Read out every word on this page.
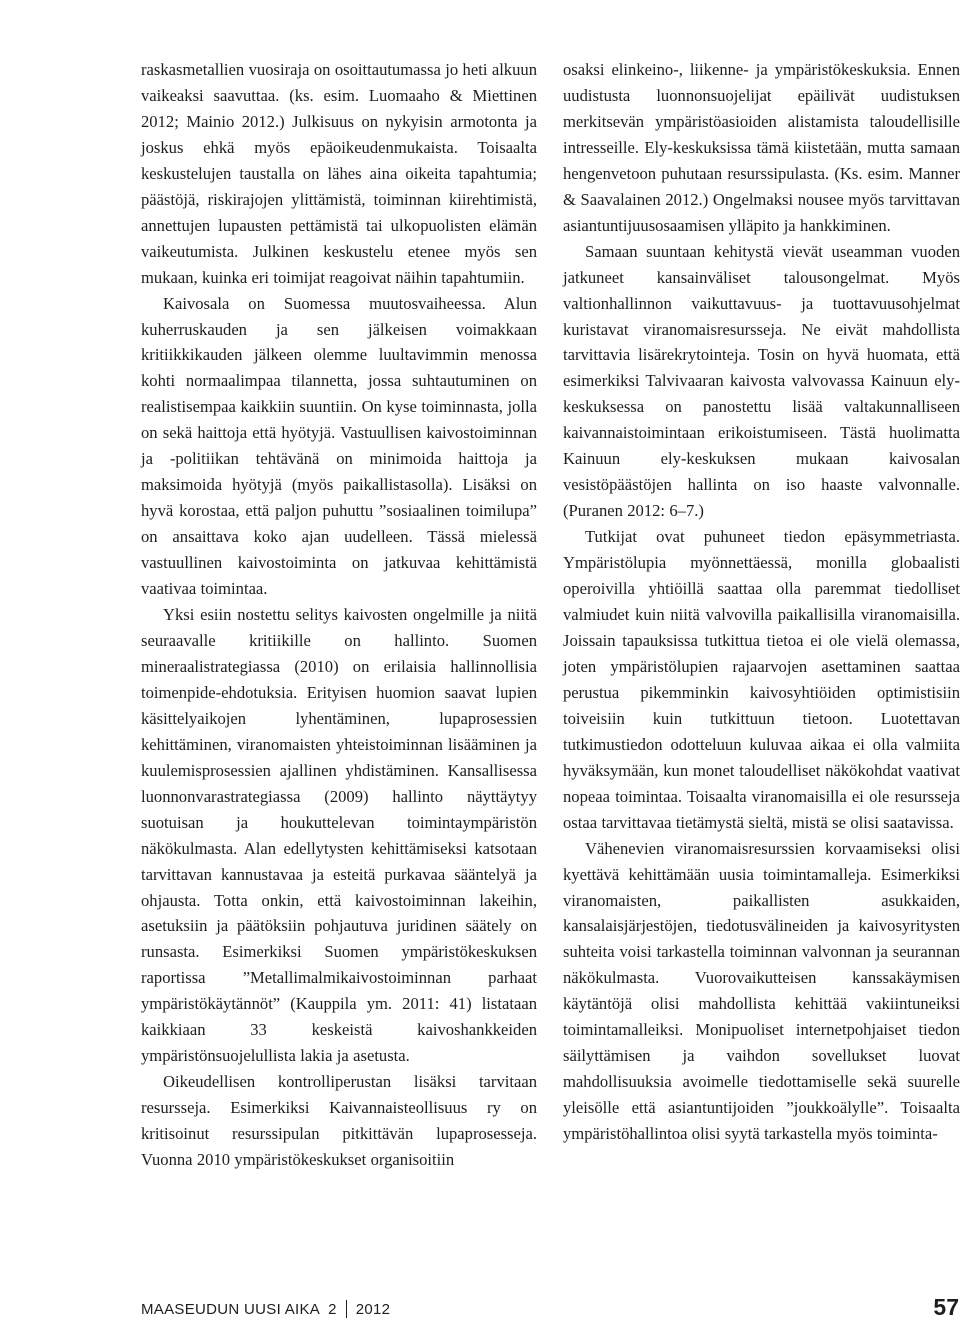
raskasmetallien vuosiraja on osoittautumassa jo heti alkuun vaikeaksi saavuttaa. (ks. esim. Luomaaho & Miettinen 2012; Mainio 2012.) Julkisuus on nykyisin armotonta ja joskus ehkä myös epäoikeudenmukaista. Toisaalta keskustelujen taustalla on lähes aina oikeita tapahtumia; päästöjä, riskirajojen ylittämistä, toiminnan kiirehtimistä, annettujen lupausten pettämistä tai ulkopuolisten elämän vaikeutumista. Julkinen keskustelu etenee myös sen mukaan, kuinka eri toimijat reagoivat näihin tapahtumiin.

Kaivosala on Suomessa muutosvaiheessa. Alun kuherruskauden ja sen jälkeisen voimakkaan kritiikkikauden jälkeen olemme luultavimmin menossa kohti normaalimpaa tilannetta, jossa suhtautuminen on realistisempaa kaikkiin suuntiin. On kyse toiminnasta, jolla on sekä haittoja että hyötyjä. Vastuullisen kaivostoiminnan ja -politiikan tehtävänä on minimoida haittoja ja maksimoida hyötyjä (myös paikallistasolla). Lisäksi on hyvä korostaa, että paljon puhuttu ”sosiaalinen toimilupa” on ansaittava koko ajan uudelleen. Tässä mielessä vastuullinen kaivostoiminta on jatkuvaa kehittämistä vaativaa toimintaa.

Yksi esiin nostettu selitys kaivosten ongelmille ja niitä seuraavalle kritiikille on hallinto. Suomen mineraalistrategiassa (2010) on erilaisia hallinnollisia toimenpide-ehdotuksia. Erityisen huomion saavat lupien käsittelyaikojen lyhentäminen, lupaprosessien kehittäminen, viranomaisten yhteistoiminnan lisääminen ja kuulemisprosessien ajallinen yhdistäminen. Kansallisessa luonnonvarastrategiassa (2009) hallinto näyttäytyy suotuisan ja houkuttelevan toimintaympäristön näkökulmasta. Alan edellytysten kehittämiseksi katsotaan tarvittavan kannustavaa ja esteitä purkavaa sääntelyä ja ohjausta. Totta onkin, että kaivostoiminnan lakeihin, asetuksiin ja päätöksiin pohjautuva juridinen säätely on runsasta. Esimerkiksi Suomen ympäristökeskuksen raportissa ”Metallimalmikaivostoiminnan parhaat ympäristökäytännöt” (Kauppila ym. 2011: 41) listataan kaikkiaan 33 keskeistä kaivoshankkeiden ympäristönsuojelullista lakia ja asetusta.

Oikeudellisen kontrolliperustan lisäksi tarvitaan resursseja. Esimerkiksi Kaivannaisteollisuus ry on kritisoinut resurssipulan pitkittävän lupaprosesseja. Vuonna 2010 ympäristökeskukset organisoitiin

osaksi elinkeino-, liikenne- ja ympäristökeskuksia. Ennen uudistusta luonnonsuojelijat epäilivät uudistuksen merkitsevän ympäristöasioiden alistamista taloudellisille intresseille. Ely-keskuksissa tämä kiistetään, mutta samaan hengenvetoon puhutaan resurssipulasta. (Ks. esim. Manner & Saavalainen 2012.) Ongelmaksi nousee myös tarvittavan asiantuntijuusosaamisen ylläpito ja hankkiminen.

Samaan suuntaan kehitystä vievät useamman vuoden jatkuneet kansainväliset talousongelmat. Myös valtionhallinnon vaikuttavuus- ja tuottavuusohjelmat kuristavat viranomaisresursseja. Ne eivät mahdollista tarvittavia lisärekrytointeja. Tosin on hyvä huomata, että esimerkiksi Talvivaaran kaivosta valvovassa Kainuun ely-keskuksessa on panostettu lisää valtakunnalliseen kaivannaistoimintaan erikoistumiseen. Tästä huolimatta Kainuun ely-keskuksen mukaan kaivosalan vesistöpäästöjen hallinta on iso haaste valvonnalle. (Puranen 2012: 6–7.)

Tutkijat ovat puhuneet tiedon epäsymmetriasta. Ympäristölupia myönnettäessä, monilla globaalisti operoivilla yhtiöillä saattaa olla paremmat tiedolliset valmiudet kuin niitä valvovilla paikallisilla viranomaisilla. Joissain tapauksissa tutkittua tietoa ei ole vielä olemassa, joten ympäristölupien rajaarvojen asettaminen saattaa perustua pikemminkin kaivosyhtiöiden optimistisiin toiveisiin kuin tutkittuun tietoon. Luotettavan tutkimustiedon odotteluun kuluvaa aikaa ei olla valmiita hyväksymään, kun monet taloudelliset näkökohdat vaativat nopeaa toimintaa. Toisaalta viranomaisilla ei ole resursseja ostaa tarvittavaa tietämystä sieltä, mistä se olisi saatavissa.

Vähenevien viranomaisresurssien korvaamiseksi olisi kyettävä kehittämään uusia toimintamalleja. Esimerkiksi viranomaisten, paikallisten asukkaiden, kansalaisjärjestöjen, tiedotusvälineiden ja kaivosyritysten suhteita voisi tarkastella toiminnan valvonnan ja seurannan näkökulmasta. Vuorovaikutteisen kanssakäymisen käytäntöjä olisi mahdollista kehittää vakiintuneiksi toimintamalleiksi. Monipuoliset internetpohjaiset tiedon säilyttämisen ja vaihdon sovellukset luovat mahdollisuuksia avoimelle tiedottamiselle sekä suurelle yleisölle että asiantuntijoiden ”joukkoälylle”. Toisaalta ympäristöhallintoa olisi syytä tarkastella myös toiminta-

MAASEUDUN UUSI AIKA 2 2012	57
